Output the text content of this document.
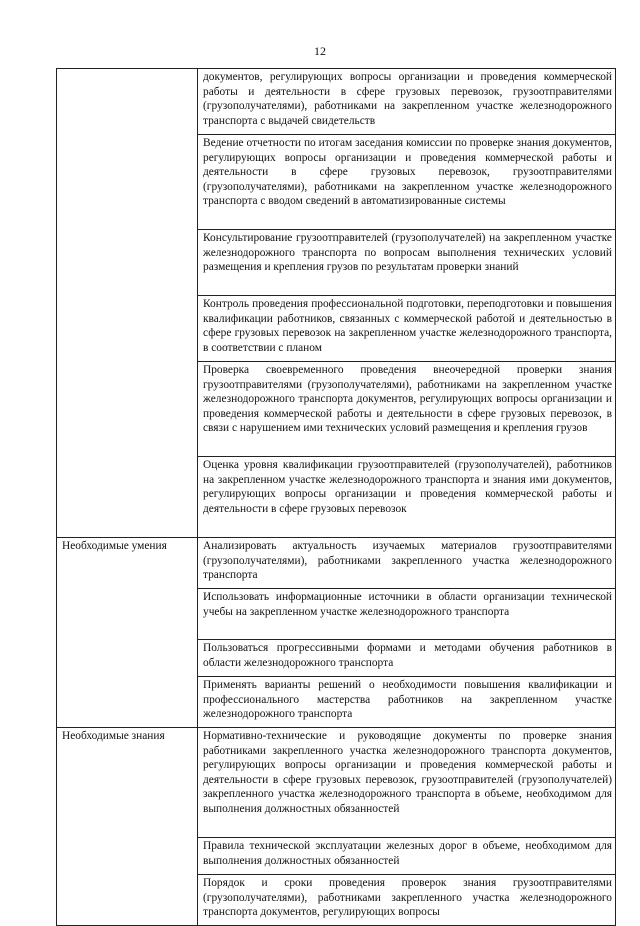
12

	документов, регулирующих вопросы организации и проведения коммерческой работы и деятельности в сфере грузовых перевозок, грузоотправителями (грузополучателями), работниками на закрепленном участке железнодорожного транспорта с выдачей свидетельств

	Ведение отчетности по итогам заседания комиссии по проверке знания документов, регулирующих вопросы организации и проведения коммерческой работы и деятельности в сфере грузовых перевозок, грузоотправителями (грузополучателями), работниками на закрепленном участке железнодорожного транспорта с вводом сведений в автоматизированные системы

	Консультирование грузоотправителей (грузополучателей) на закрепленном участке железнодорожного транспорта по вопросам выполнения технических условий размещения и крепления грузов по результатам проверки знаний

	Контроль проведения профессиональной подготовки, переподготовки и повышения квалификации работников, связанных с коммерческой работой и деятельностью в сфере грузовых перевозок на закрепленном участке железнодорожного транспорта, в соответствии с планом

	Проверка своевременного проведения внеочередной проверки знания грузоотправителями (грузополучателями), работниками на закрепленном участке железнодорожного транспорта документов, регулирующих вопросы организации и проведения коммерческой работы и деятельности в сфере грузовых перевозок, в связи с нарушением ими технических условий размещения и крепления грузов

	Оценка уровня квалификации грузоотправителей (грузополучателей), работников на закрепленном участке железнодорожного транспорта и знания ими документов, регулирующих вопросы организации и проведения коммерческой работы и деятельности в сфере грузовых перевозок

Необходимые умения	Анализировать актуальность изучаемых материалов грузоотправителями (грузополучателями), работниками закрепленного участка железнодорожного транспорта

	Использовать информационные источники в области организации технической учебы на закрепленном участке железнодорожного транспорта

	Пользоваться прогрессивными формами и методами обучения работников в области железнодорожного транспорта

	Применять варианты решений о необходимости повышения квалификации и профессионального мастерства работников на закрепленном участке железнодорожного транспорта

Необходимые знания	Нормативно-технические и руководящие документы по проверке знания работниками закрепленного участка железнодорожного транспорта документов, регулирующих вопросы организации и проведения коммерческой работы и деятельности в сфере грузовых перевозок, грузоотправителей (грузополучателей) закрепленного участка железнодорожного транспорта в объеме, необходимом для выполнения должностных обязанностей

	Правила технической эксплуатации железных дорог в объеме, необходимом для выполнения должностных обязанностей

	Порядок и сроки проведения проверок знания грузоотправителями (грузополучателями), работниками закрепленного участка железнодорожного транспорта документов, регулирующих вопросы
